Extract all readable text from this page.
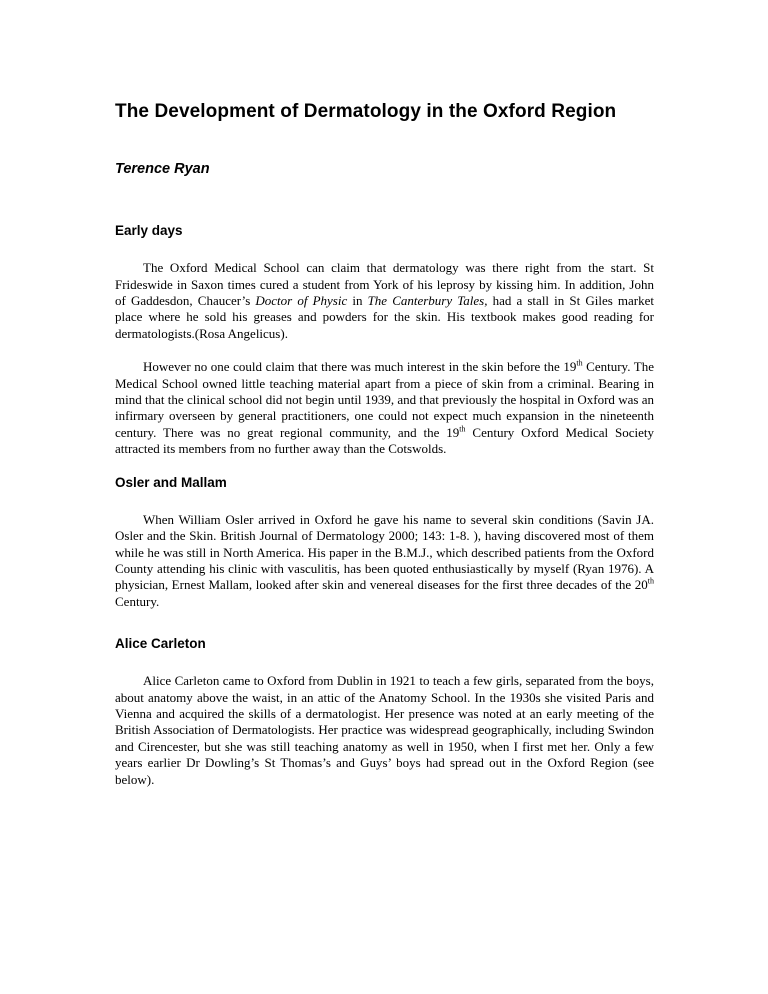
The Development of Dermatology in the Oxford Region

Terence Ryan

Early days

The Oxford Medical School can claim that dermatology was there right from the start. St Frideswide in Saxon times cured a student from York of his leprosy by kissing him. In addition, John of Gaddesdon, Chaucer’s Doctor of Physic in The Canterbury Tales, had a stall in St Giles market place where he sold his greases and powders for the skin. His textbook makes good reading for dermatologists.(Rosa Angelicus).

However no one could claim that there was much interest in the skin before the 19th Century. The Medical School owned little teaching material apart from a piece of skin from a criminal. Bearing in mind that the clinical school did not begin until 1939, and that previously the hospital in Oxford was an infirmary overseen by general practitioners, one could not expect much expansion in the nineteenth century. There was no great regional community, and the 19th Century Oxford Medical Society attracted its members from no further away than the Cotswolds.

Osler and Mallam

When William Osler arrived in Oxford he gave his name to several skin conditions (Savin JA. Osler and the Skin. British Journal of Dermatology 2000; 143: 1-8. ), having discovered most of them while he was still in North America. His paper in the B.M.J., which described patients from the Oxford County attending his clinic with vasculitis, has been quoted enthusiastically by myself (Ryan 1976). A physician, Ernest Mallam, looked after skin and venereal diseases for the first three decades of the 20th Century.

Alice Carleton

Alice Carleton came to Oxford from Dublin in 1921 to teach a few girls, separated from the boys, about anatomy above the waist, in an attic of the Anatomy School. In the 1930s she visited Paris and Vienna and acquired the skills of a dermatologist. Her presence was noted at an early meeting of the British Association of Dermatologists. Her practice was widespread geographically, including Swindon and Cirencester, but she was still teaching anatomy as well in 1950, when I first met her. Only a few years earlier Dr Dowling’s St Thomas’s and Guys’ boys had spread out in the Oxford Region (see below).
